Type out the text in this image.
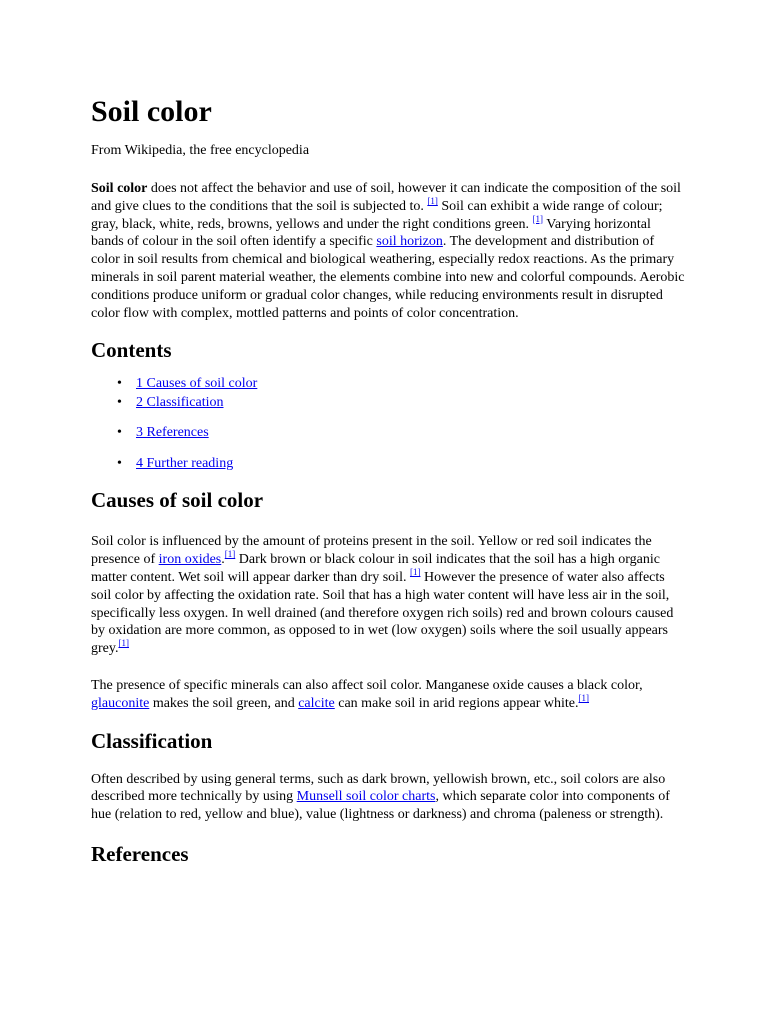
Soil color
From Wikipedia, the free encyclopedia

Soil color does not affect the behavior and use of soil, however it can indicate the composition of the soil and give clues to the conditions that the soil is subjected to. [1] Soil can exhibit a wide range of colour; gray, black, white, reds, browns, yellows and under the right conditions green. [1] Varying horizontal bands of colour in the soil often identify a specific soil horizon. The development and distribution of color in soil results from chemical and biological weathering, especially redox reactions. As the primary minerals in soil parent material weather, the elements combine into new and colorful compounds. Aerobic conditions produce uniform or gradual color changes, while reducing environments result in disrupted color flow with complex, mottled patterns and points of color concentration.

Contents
• 1 Causes of soil color
• 2 Classification
• 3 References
• 4 Further reading
Causes of soil color

Soil color is influenced by the amount of proteins present in the soil. Yellow or red soil indicates the presence of iron oxides.[1] Dark brown or black colour in soil indicates that the soil has a high organic matter content. Wet soil will appear darker than dry soil. [1] However the presence of water also affects soil color by affecting the oxidation rate. Soil that has a high water content will have less air in the soil, specifically less oxygen. In well drained (and therefore oxygen rich soils) red and brown colours caused by oxidation are more common, as opposed to in wet (low oxygen) soils where the soil usually appears grey.[1]

The presence of specific minerals can also affect soil color. Manganese oxide causes a black color, glauconite makes the soil green, and calcite can make soil in arid regions appear white.[1]

Classification

Often described by using general terms, such as dark brown, yellowish brown, etc., soil colors are also described more technically by using Munsell soil color charts, which separate color into components of hue (relation to red, yellow and blue), value (lightness or darkness) and chroma (paleness or strength).

References
